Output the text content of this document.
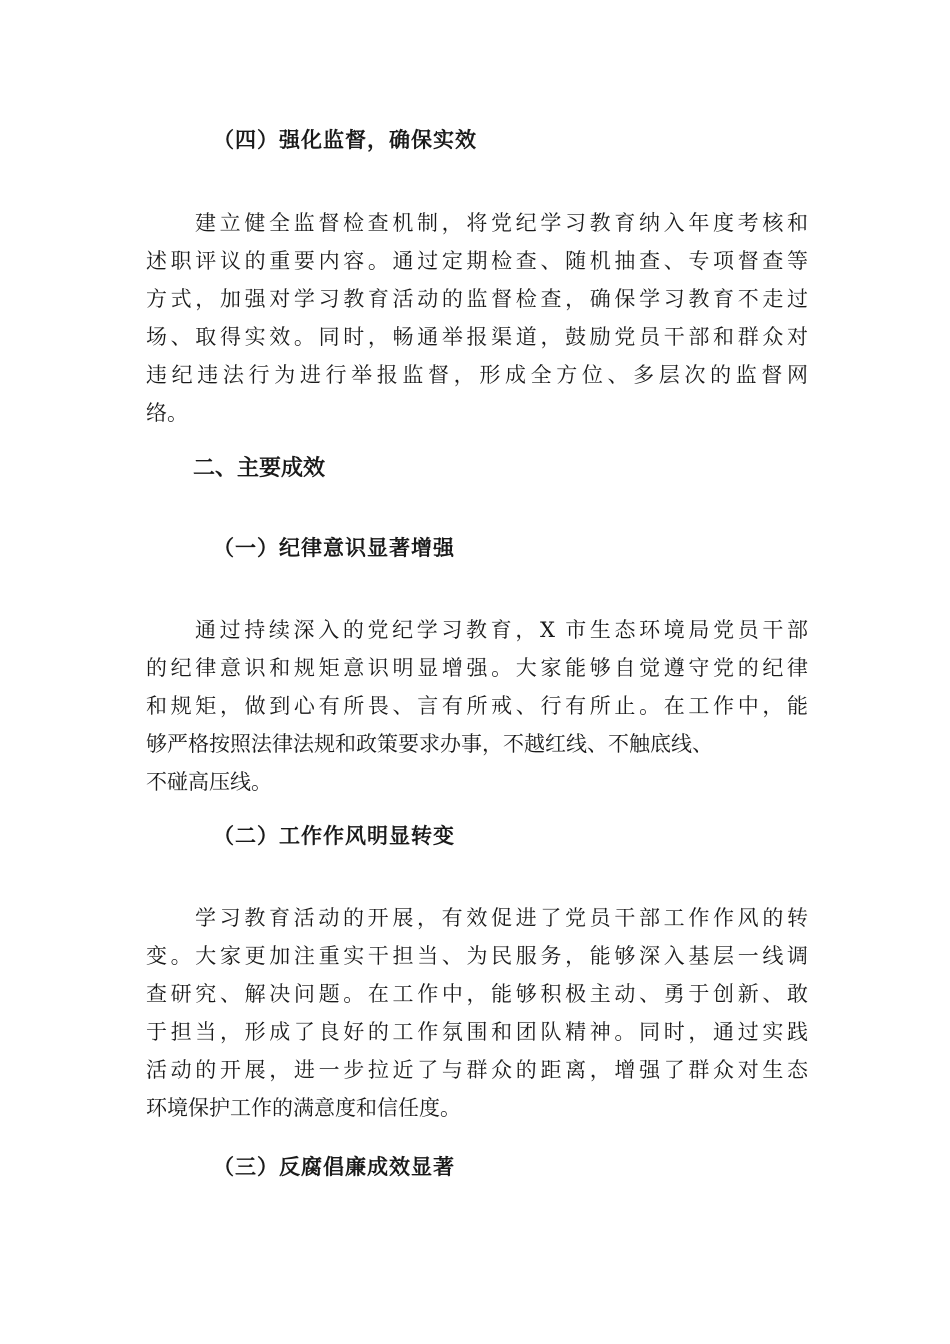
（四）强化监督，确保实效
建立健全监督检查机制，将党纪学习教育纳入年度考核和
述职评议的重要内容。通过定期检查、随机抽查、专项督查等
方式，加强对学习教育活动的监督检查，确保学习教育不走过
场、取得实效。同时，畅通举报渠道，鼓励党员干部和群众对
违纪违法行为进行举报监督，形成全方位、多层次的监督网
络。
二、主要成效
（一）纪律意识显著增强
通过持续深入的党纪学习教育，X 市生态环境局党员干部
的纪律意识和规矩意识明显增强。大家能够自觉遵守党的纪律
和规矩，做到心有所畏、言有所戒、行有所止。在工作中，能
够严格按照法律法规和政策要求办事，不越红线、不触底线、
不碰高压线。
（二）工作作风明显转变
学习教育活动的开展，有效促进了党员干部工作作风的转
变。大家更加注重实干担当、为民服务，能够深入基层一线调
查研究、解决问题。在工作中，能够积极主动、勇于创新、敢
于担当，形成了良好的工作氛围和团队精神。同时，通过实践
活动的开展，进一步拉近了与群众的距离，增强了群众对生态
环境保护工作的满意度和信任度。
（三）反腐倡廉成效显著
